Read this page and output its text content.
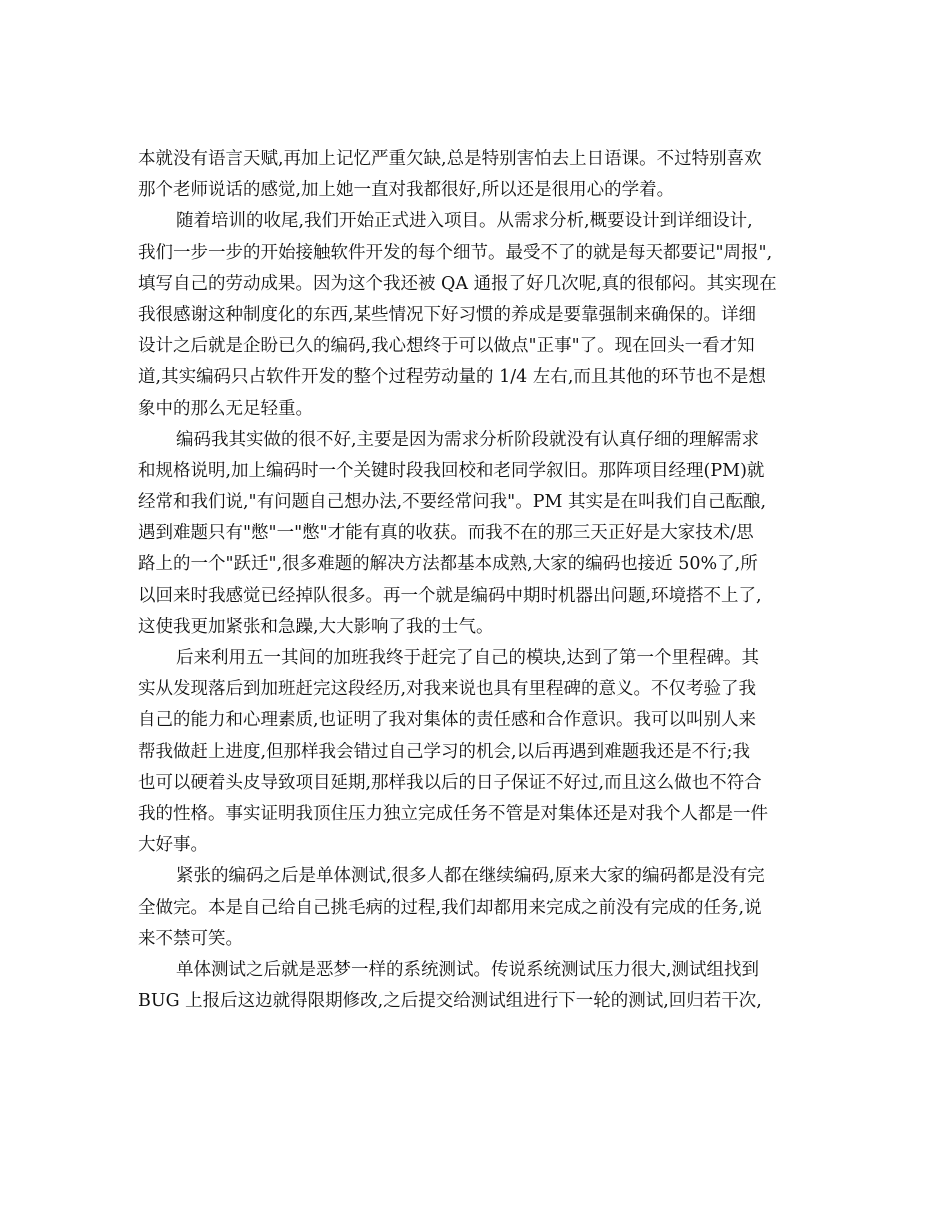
本就没有语言天赋,再加上记忆严重欠缺,总是特别害怕去上日语课。不过特别喜欢
那个老师说话的感觉,加上她一直对我都很好,所以还是很用心的学着。
随着培训的收尾,我们开始正式进入项目。从需求分析,概要设计到详细设计,
我们一步一步的开始接触软件开发的每个细节。最受不了的就是每天都要记"周报",
填写自己的劳动成果。因为这个我还被 QA 通报了好几次呢,真的很郁闷。其实现在
我很感谢这种制度化的东西,某些情况下好习惯的养成是要靠强制来确保的。详细
设计之后就是企盼已久的编码,我心想终于可以做点"正事"了。现在回头一看才知
道,其实编码只占软件开发的整个过程劳动量的 1/4 左右,而且其他的环节也不是想
象中的那么无足轻重。
编码我其实做的很不好,主要是因为需求分析阶段就没有认真仔细的理解需求
和规格说明,加上编码时一个关键时段我回校和老同学叙旧。那阵项目经理(PM)就
经常和我们说,"有问题自己想办法,不要经常问我"。PM 其实是在叫我们自己酝酿,
遇到难题只有"憋"一"憋"才能有真的收获。而我不在的那三天正好是大家技术/思
路上的一个"跃迁",很多难题的解决方法都基本成熟,大家的编码也接近 50%了,所
以回来时我感觉已经掉队很多。再一个就是编码中期时机器出问题,环境搭不上了,
这使我更加紧张和急躁,大大影响了我的士气。
后来利用五一其间的加班我终于赶完了自己的模块,达到了第一个里程碑。其
实从发现落后到加班赶完这段经历,对我来说也具有里程碑的意义。不仅考验了我
自己的能力和心理素质,也证明了我对集体的责任感和合作意识。我可以叫别人来
帮我做赶上进度,但那样我会错过自己学习的机会,以后再遇到难题我还是不行;我
也可以硬着头皮导致项目延期,那样我以后的日子保证不好过,而且这么做也不符合
我的性格。事实证明我顶住压力独立完成任务不管是对集体还是对我个人都是一件
大好事。
紧张的编码之后是单体测试,很多人都在继续编码,原来大家的编码都是没有完
全做完。本是自己给自己挑毛病的过程,我们却都用来完成之前没有完成的任务,说
来不禁可笑。
单体测试之后就是恶梦一样的系统测试。传说系统测试压力很大,测试组找到
BUG 上报后这边就得限期修改,之后提交给测试组进行下一轮的测试,回归若干次,
